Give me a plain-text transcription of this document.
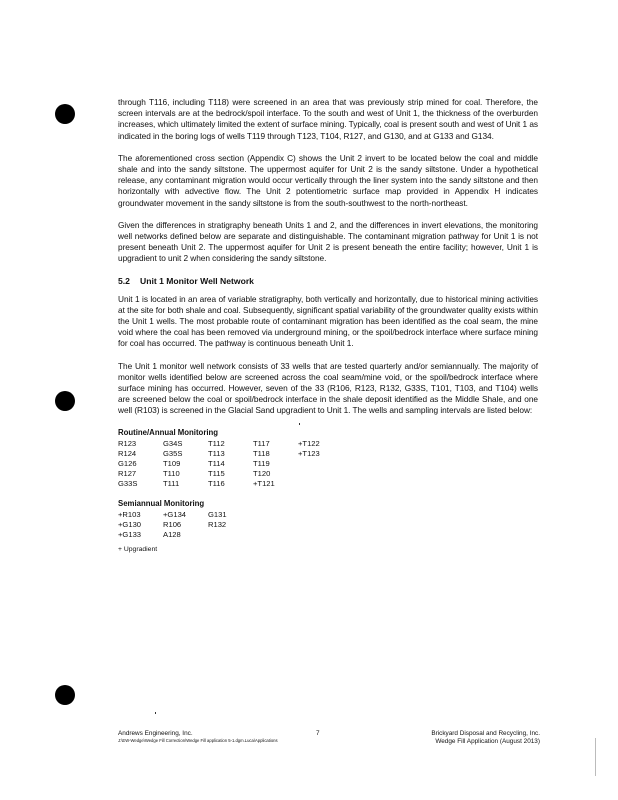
through T116, including T118) were screened in an area that was previously strip mined for coal. Therefore, the screen intervals are at the bedrock/spoil interface. To the south and west of Unit 1, the thickness of the overburden increases, which ultimately limited the extent of surface mining. Typically, coal is present south and west of Unit 1 as indicated in the boring logs of wells T119 through T123, T104, R127, and G130, and at G133 and G134.

The aforementioned cross section (Appendix C) shows the Unit 2 invert to be located below the coal and middle shale and into the sandy siltstone. The uppermost aquifer for Unit 2 is the sandy siltstone. Under a hypothetical release, any contaminant migration would occur vertically through the liner system into the sandy siltstone and then horizontally with advective flow. The Unit 2 potentiometric surface map provided in Appendix H indicates groundwater movement in the sandy siltstone is from the south-southwest to the north-northeast.

Given the differences in stratigraphy beneath Units 1 and 2, and the differences in invert elevations, the monitoring well networks defined below are separate and distinguishable. The contaminant migration pathway for Unit 1 is not present beneath Unit 2. The uppermost aquifer for Unit 2 is present beneath the entire facility; however, Unit 1 is upgradient to unit 2 when considering the sandy siltstone.

5.2 Unit 1 Monitor Well Network

Unit 1 is located in an area of variable stratigraphy, both vertically and horizontally, due to historical mining activities at the site for both shale and coal. Subsequently, significant spatial variability of the groundwater quality exists within the Unit 1 wells. The most probable route of contaminant migration has been identified as the coal seam, the mine void where the coal has been removed via underground mining, or the spoil/bedrock interface where surface mining for coal has occurred. The pathway is continuous beneath Unit 1.

The Unit 1 monitor well network consists of 33 wells that are tested quarterly and/or semiannually. The majority of monitor wells identified below are screened across the coal seam/mine void, or the spoil/bedrock interface where surface mining has occurred. However, seven of the 33 (R106, R123, R132, G33S, T101, T103, and T104) wells are screened below the coal or spoil/bedrock interface in the shale deposit identified as the Middle Shale, and one well (R103) is screened in the Glacial Sand upgradient to Unit 1. The wells and sampling intervals are listed below:

Routine/Annual Monitoring
R123	G34S	T112	T117	+T122
R124	G35S	T113	T118	+T123
G126	T109	T114	T119	
R127	T110	T115	T120	
G33S	T111	T116	+T121	
Semiannual Monitoring
+R103	+G134	G131
+G130	R106	R132
+G133	A128	
+ Upgradient
Andrews Engineering, Inc.
J:\EW-Wedge\Wedge Fill Correction\Wedge Fill application 5-1.dgm.Luca\Applications
7	Brickyard Disposal and Recycling, Inc.
Wedge Fill Application (August 2013)
